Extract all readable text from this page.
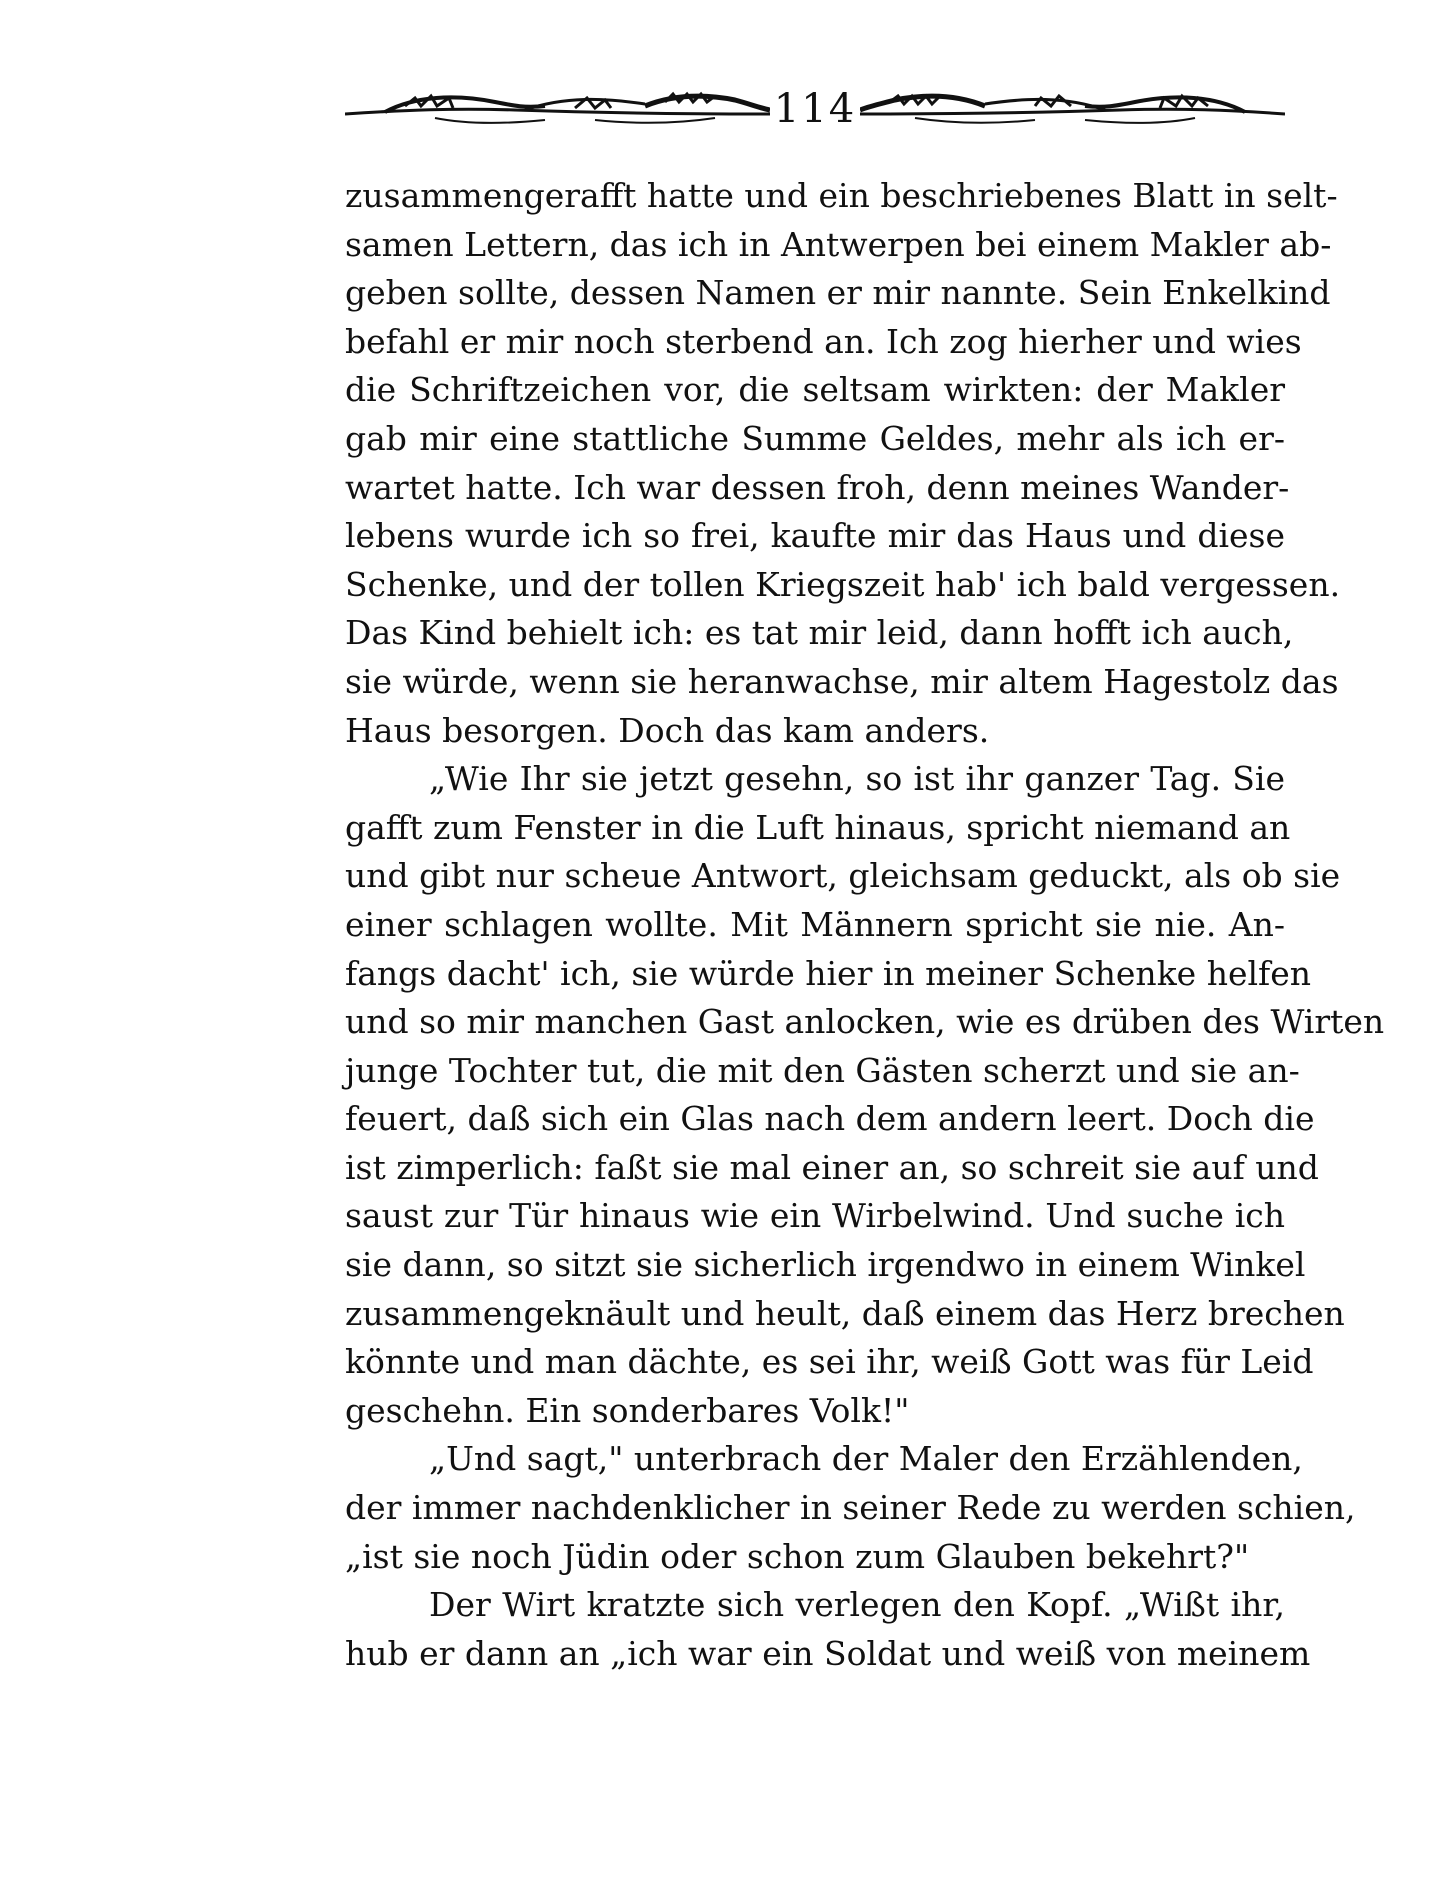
114
zusammengerafft hatte und ein beschriebenes Blatt in selt-
samen Lettern, das ich in Antwerpen bei einem Makler ab-
geben sollte, dessen Namen er mir nannte. Sein Enkelkind
befahl er mir noch sterbend an. Ich zog hierher und wies
die Schriftzeichen vor, die seltsam wirkten: der Makler
gab mir eine stattliche Summe Geldes, mehr als ich er-
wartet hatte. Ich war dessen froh, denn meines Wander-
lebens wurde ich so frei, kaufte mir das Haus und diese
Schenke, und der tollen Kriegszeit hab' ich bald vergessen.
Das Kind behielt ich: es tat mir leid, dann hofft ich auch,
sie würde, wenn sie heranwachse, mir altem Hagestolz das
Haus besorgen. Doch das kam anders.
„Wie Ihr sie jetzt gesehn, so ist ihr ganzer Tag. Sie
gafft zum Fenster in die Luft hinaus, spricht niemand an
und gibt nur scheue Antwort, gleichsam geduckt, als ob sie
einer schlagen wollte. Mit Männern spricht sie nie. An-
fangs dacht' ich, sie würde hier in meiner Schenke helfen
und so mir manchen Gast anlocken, wie es drüben des Wirten
junge Tochter tut, die mit den Gästen scherzt und sie an-
feuert, daß sich ein Glas nach dem andern leert. Doch die
ist zimperlich: faßt sie mal einer an, so schreit sie auf und
saust zur Tür hinaus wie ein Wirbelwind. Und suche ich
sie dann, so sitzt sie sicherlich irgendwo in einem Winkel
zusammengeknäult und heult, daß einem das Herz brechen
könnte und man dächte, es sei ihr, weiß Gott was für Leid
geschehn. Ein sonderbares Volk!"
„Und sagt," unterbrach der Maler den Erzählenden,
der immer nachdenklicher in seiner Rede zu werden schien,
„ist sie noch Jüdin oder schon zum Glauben bekehrt?"
Der Wirt kratzte sich verlegen den Kopf. „Wißt ihr,
hub er dann an „ich war ein Soldat und weiß von meinem
